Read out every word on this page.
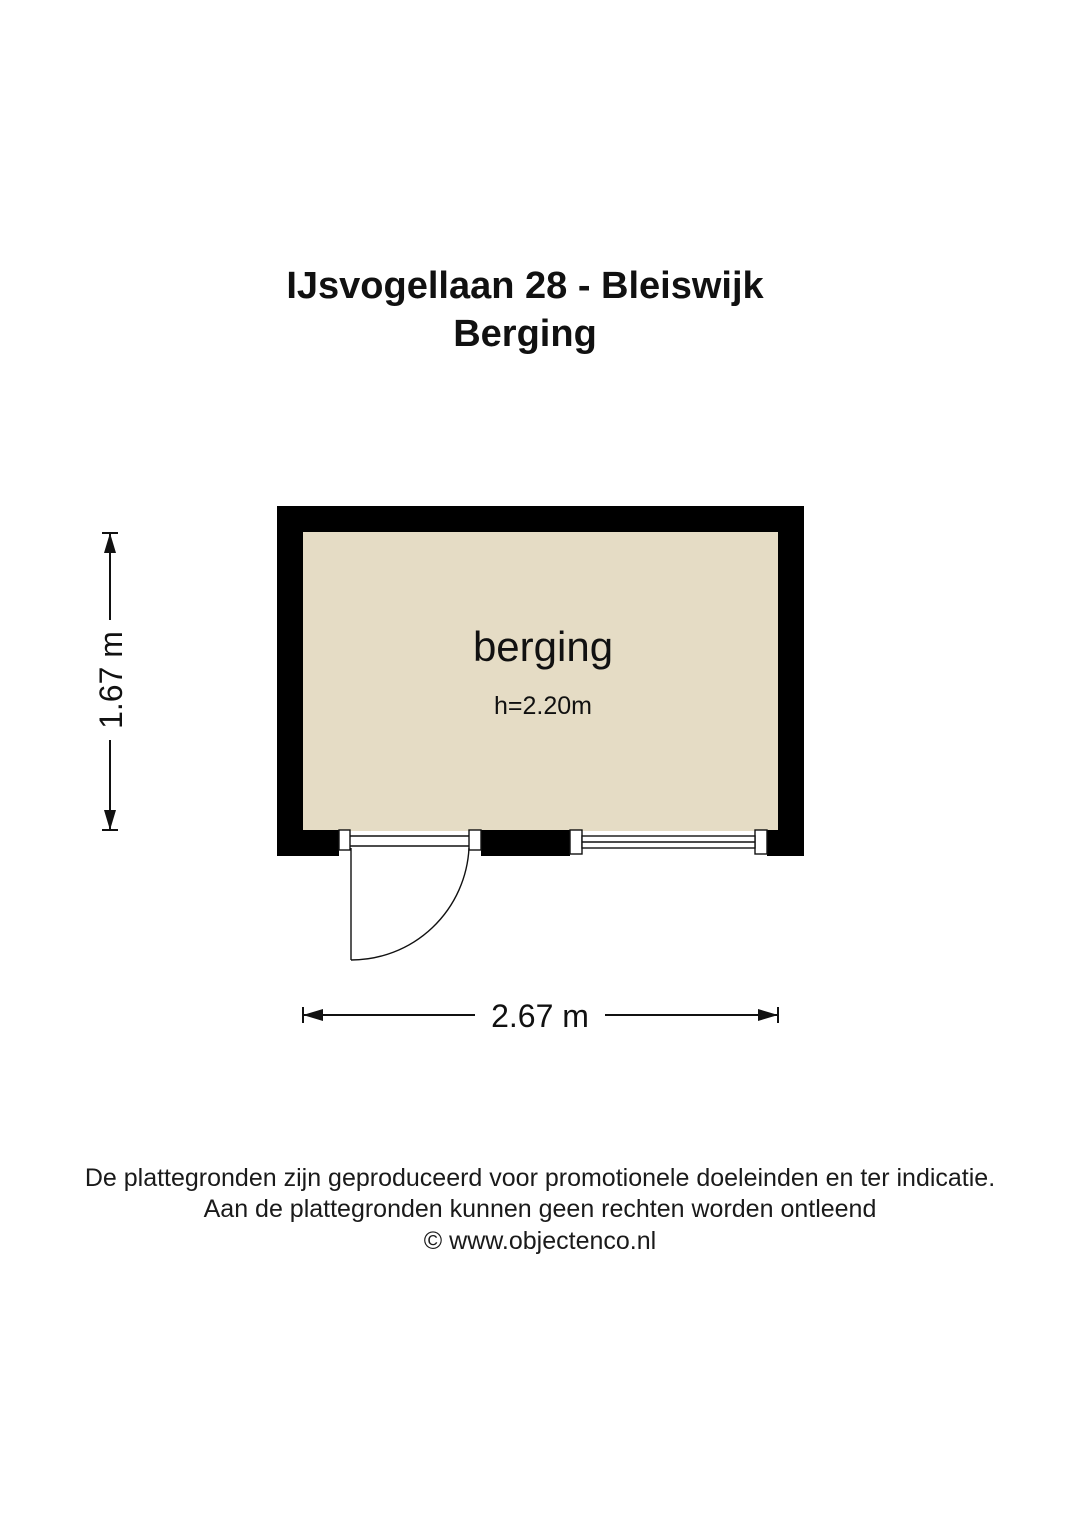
IJsvogellaan 28 - Bleiswijk
Berging
berging
h=2.20m
1.67 m
2.67 m
De plattegronden zijn geproduceerd voor promotionele doeleinden en ter indicatie.
Aan de plattegronden kunnen geen rechten worden ontleend
© www.objectenco.nl
